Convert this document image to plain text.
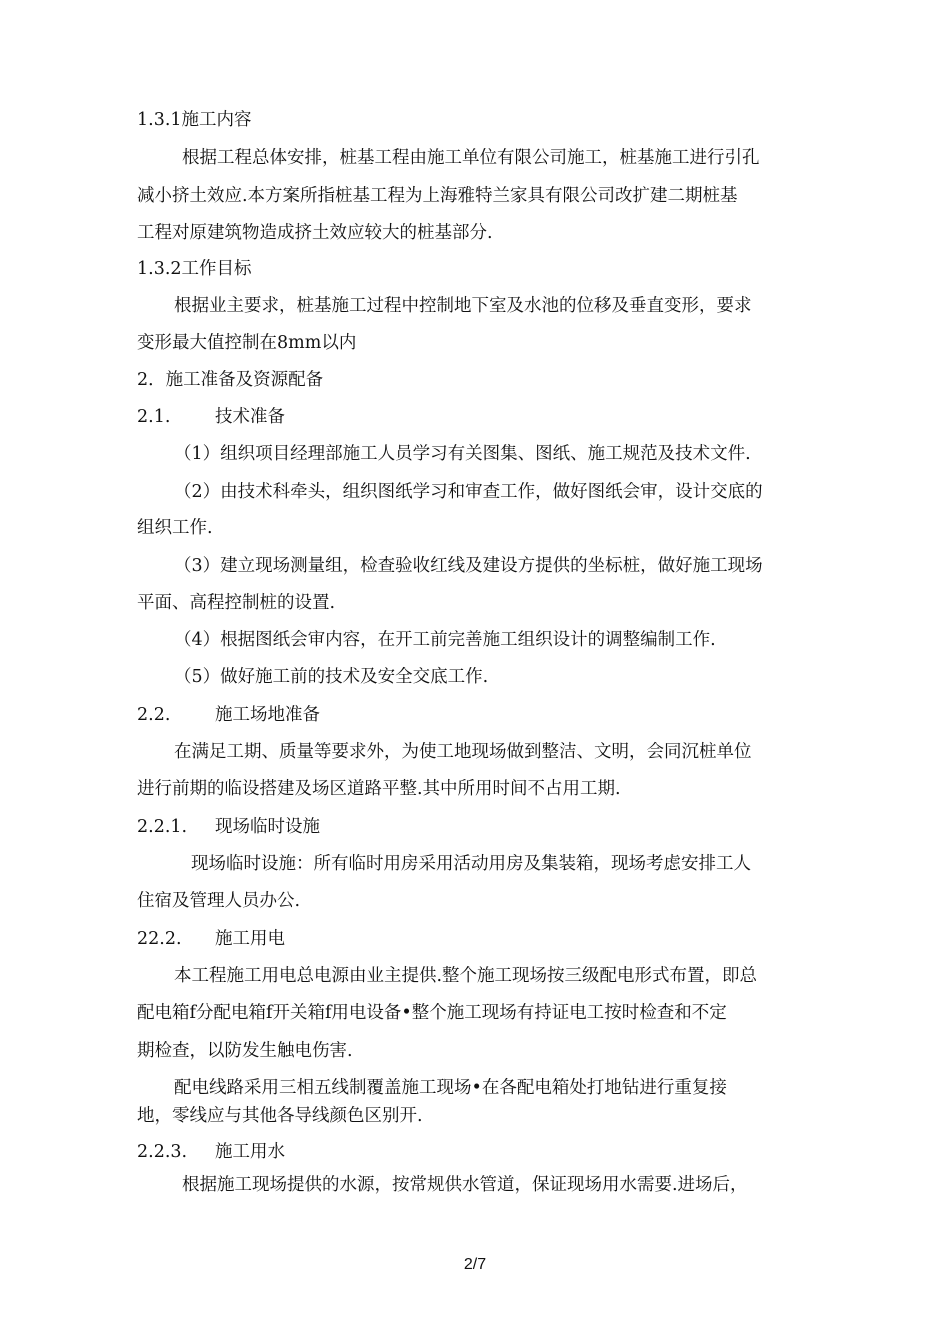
1.3.1施工内容
根据工程总体安排，桩基工程由施工单位有限公司施工，桩基施工进行引孔
减小挤土效应.本方案所指桩基工程为上海雅特兰家具有限公司改扩建二期桩基
工程对原建筑物造成挤土效应较大的桩基部分.
1.3.2工作目标
根据业主要求，桩基施工过程中控制地下室及水池的位移及垂直变形，要求
变形最大值控制在8mm以内
2．施工准备及资源配备
2.1.	技术准备
（1）组织项目经理部施工人员学习有关图集、图纸、施工规范及技术文件.
（2）由技术科牵头，组织图纸学习和审查工作，做好图纸会审，设计交底的
组织工作.
（3）建立现场测量组，检查验收红线及建设方提供的坐标桩，做好施工现场
平面、高程控制桩的设置.
（4）根据图纸会审内容，在开工前完善施工组织设计的调整编制工作.
（5）做好施工前的技术及安全交底工作.
2.2.	施工场地准备
在满足工期、质量等要求外，为使工地现场做到整洁、文明，会同沉桩单位
进行前期的临设搭建及场区道路平整.其中所用时间不占用工期.
2.2.1. 现场临时设施
现场临时设施：所有临时用房采用活动用房及集装箱，现场考虑安排工人
住宿及管理人员办公.
22.2. 施工用电
本工程施工用电总电源由业主提供.整个施工现场按三级配电形式布置，即总
配电箱f分配电箱f开关箱f用电设备•整个施工现场有持证电工按时检查和不定
期检查，以防发生触电伤害.
配电线路采用三相五线制覆盖施工现场•在各配电箱处打地钻进行重复接
地，零线应与其他各导线颜色区别开.
2.2.3. 施工用水
根据施工现场提供的水源，按常规供水管道，保证现场用水需要.进场后，
2/7
